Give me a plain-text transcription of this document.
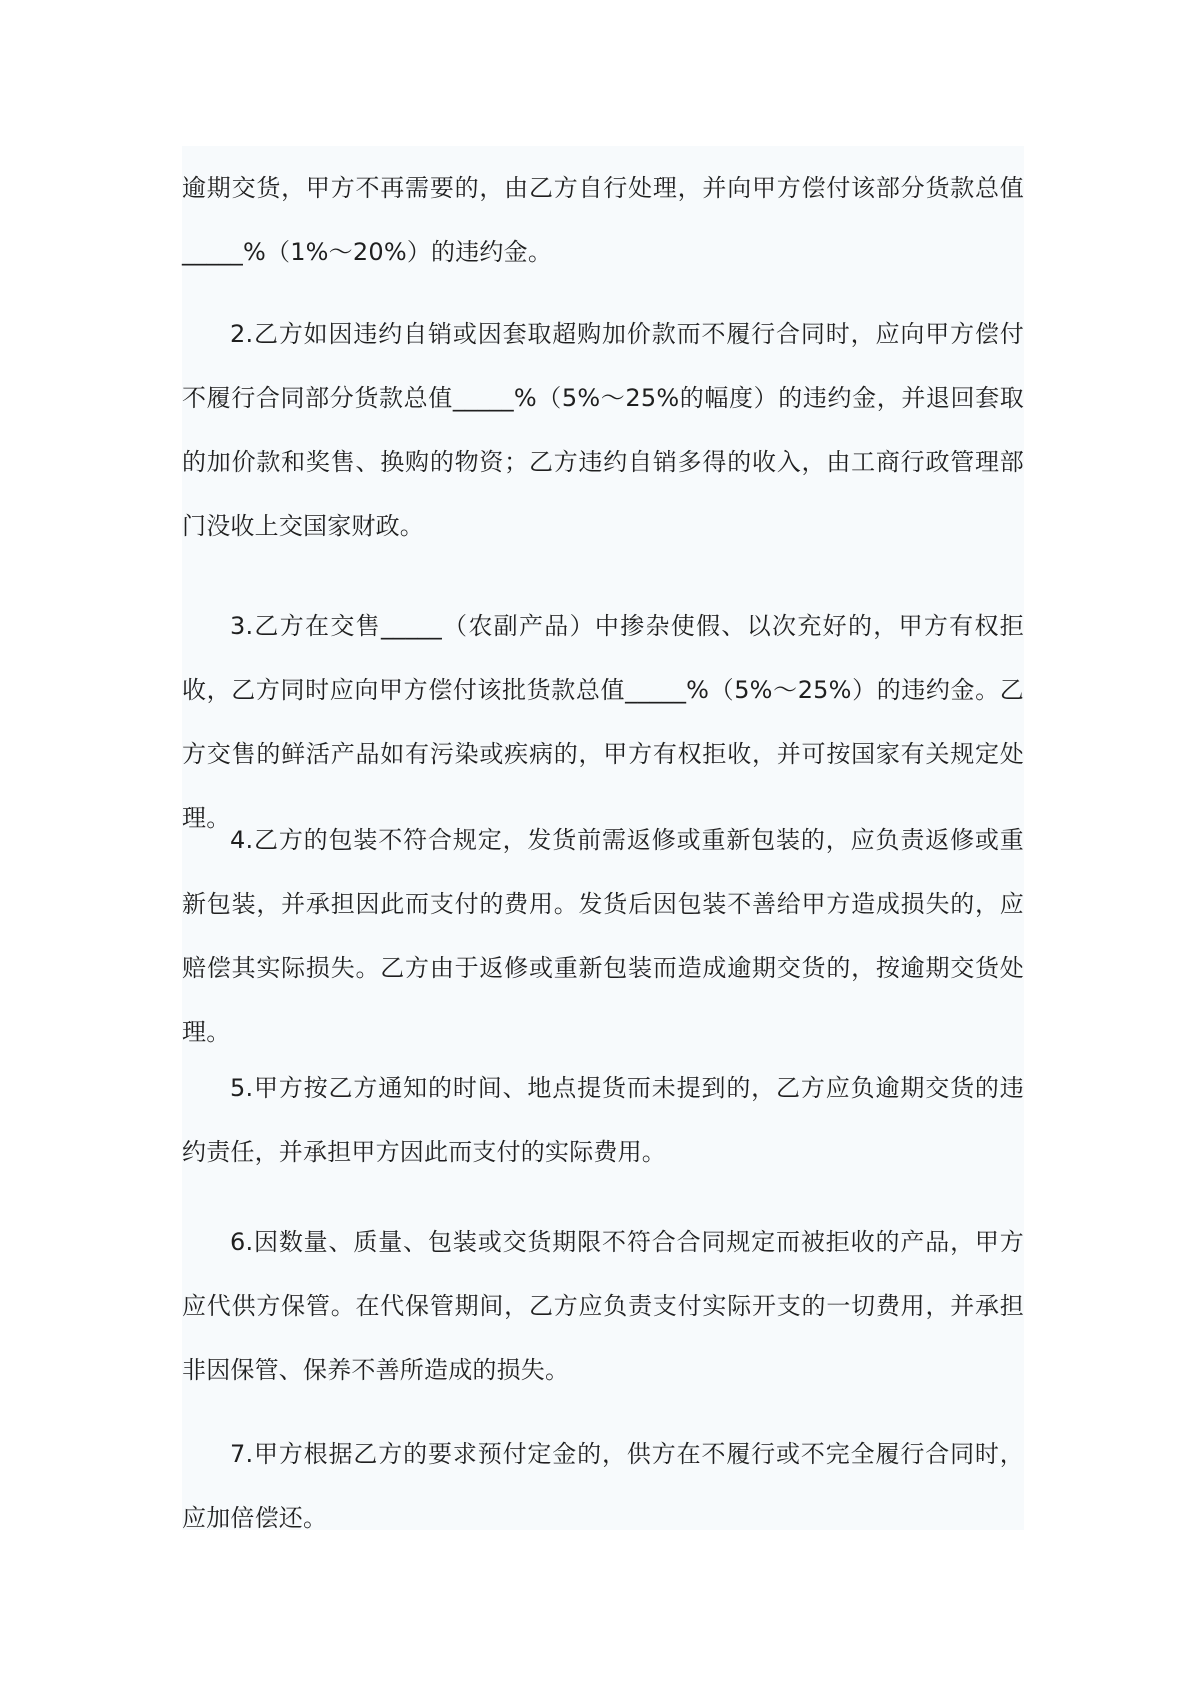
逾期交货，甲方不再需要的，由乙方自行处理，并向甲方偿付该部分货款总值_____%（1%～20%）的违约金。

2.乙方如因违约自销或因套取超购加价款而不履行合同时，应向甲方偿付不履行合同部分货款总值_____%（5%～25%的幅度）的违约金，并退回套取的加价款和奖售、换购的物资；乙方违约自销多得的收入，由工商行政管理部门没收上交国家财政。

3.乙方在交售_____（农副产品）中掺杂使假、以次充好的，甲方有权拒收，乙方同时应向甲方偿付该批货款总值_____%（5%～25%）的违约金。乙方交售的鲜活产品如有污染或疾病的，甲方有权拒收，并可按国家有关规定处理。

4.乙方的包装不符合规定，发货前需返修或重新包装的，应负责返修或重新包装，并承担因此而支付的费用。发货后因包装不善给甲方造成损失的，应赔偿其实际损失。乙方由于返修或重新包装而造成逾期交货的，按逾期交货处理。

5.甲方按乙方通知的时间、地点提货而未提到的，乙方应负逾期交货的违约责任，并承担甲方因此而支付的实际费用。

6.因数量、质量、包装或交货期限不符合合同规定而被拒收的产品，甲方应代供方保管。在代保管期间，乙方应负责支付实际开支的一切费用，并承担非因保管、保养不善所造成的损失。

7.甲方根据乙方的要求预付定金的，供方在不履行或不完全履行合同时，应加倍偿还。
